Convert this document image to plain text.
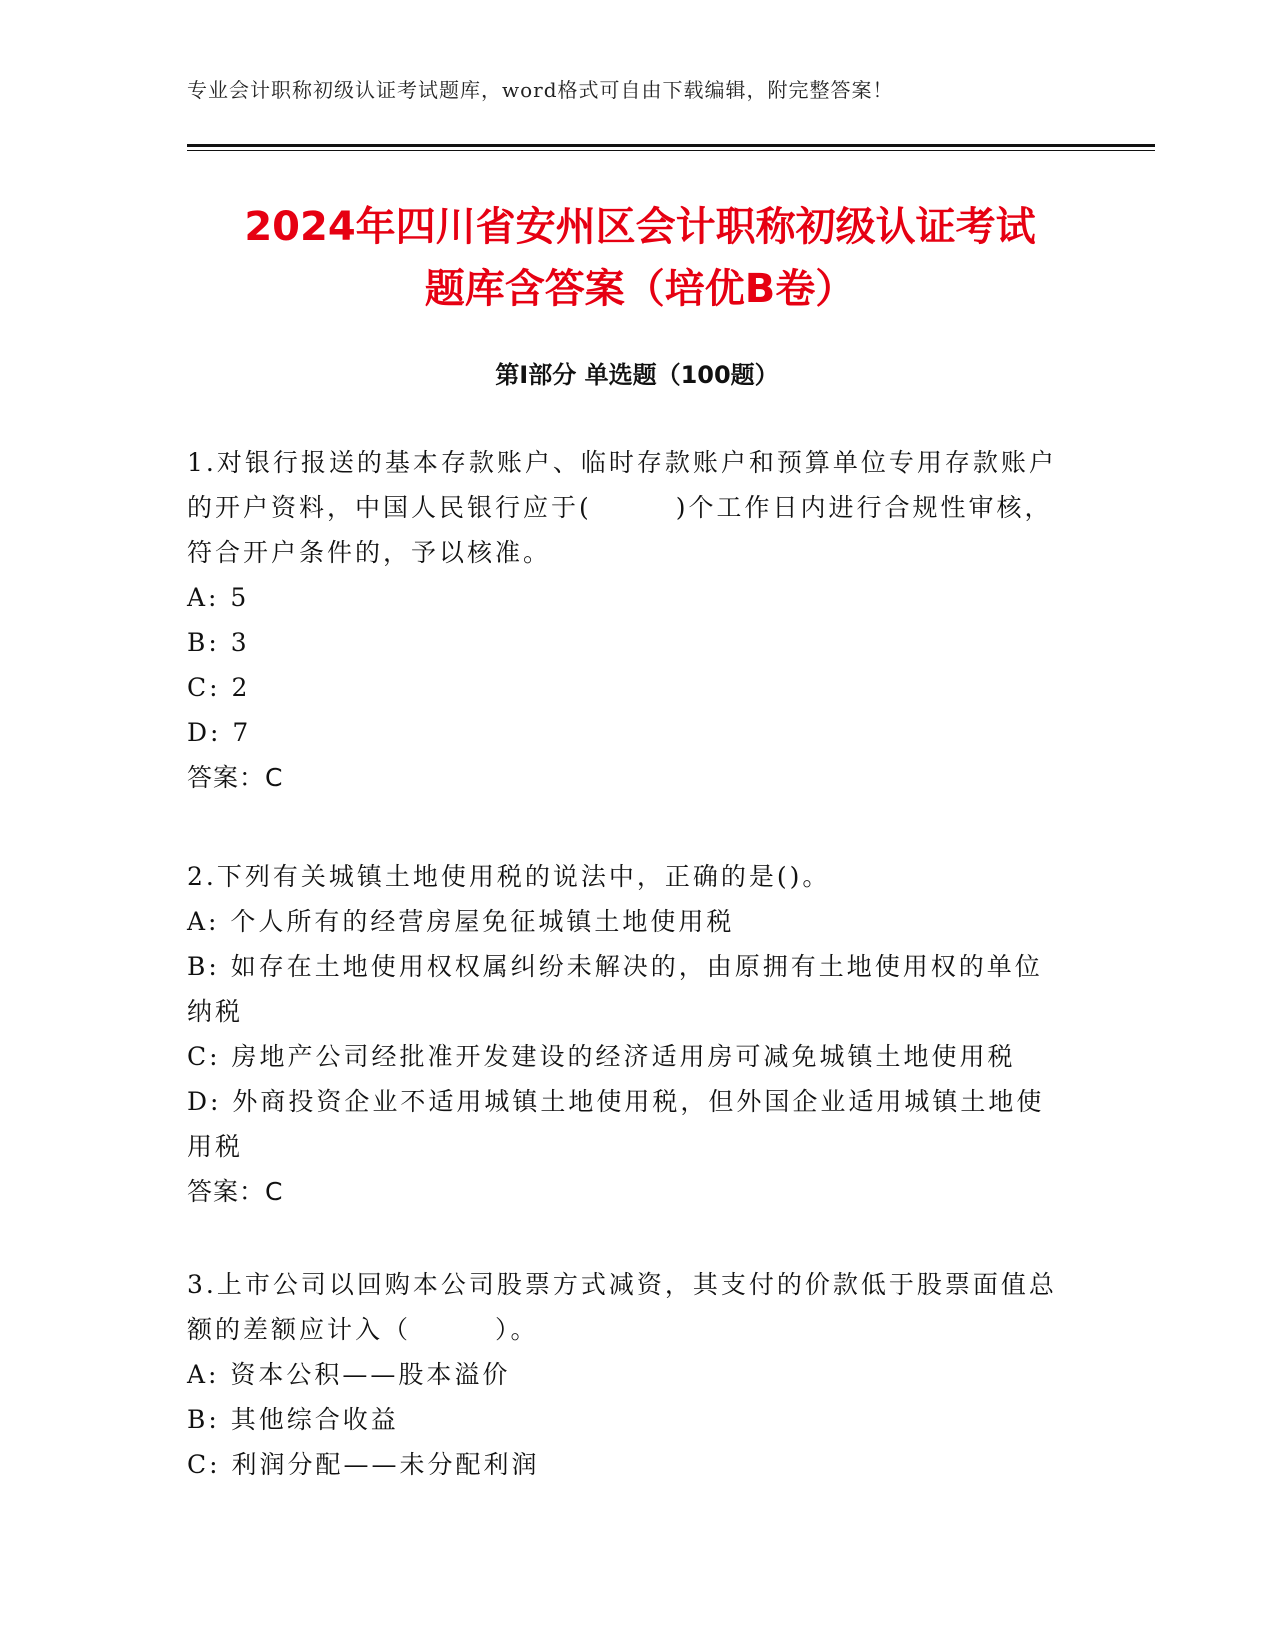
专业会计职称初级认证考试题库，word格式可自由下载编辑，附完整答案！
2024年四川省安州区会计职称初级认证考试
题库含答案（培优B卷）
第Ⅰ部分 单选题（100题）
1.对银行报送的基本存款账户、临时存款账户和预算单位专用存款账户的开户资料，中国人民银行应于(　　　)个工作日内进行合规性审核，符合开户条件的，予以核准。
A: 5
B: 3
C: 2
D: 7
答案：C
2.下列有关城镇土地使用税的说法中，正确的是()。
A: 个人所有的经营房屋免征城镇土地使用税
B: 如存在土地使用权权属纠纷未解决的，由原拥有土地使用权的单位纳税
C: 房地产公司经批准开发建设的经济适用房可减免城镇土地使用税
D: 外商投资企业不适用城镇土地使用税，但外国企业适用城镇土地使用税
答案：C
3.上市公司以回购本公司股票方式减资，其支付的价款低于股票面值总额的差额应计入（　　　）。
A: 资本公积——股本溢价
B: 其他综合收益
C: 利润分配——未分配利润
